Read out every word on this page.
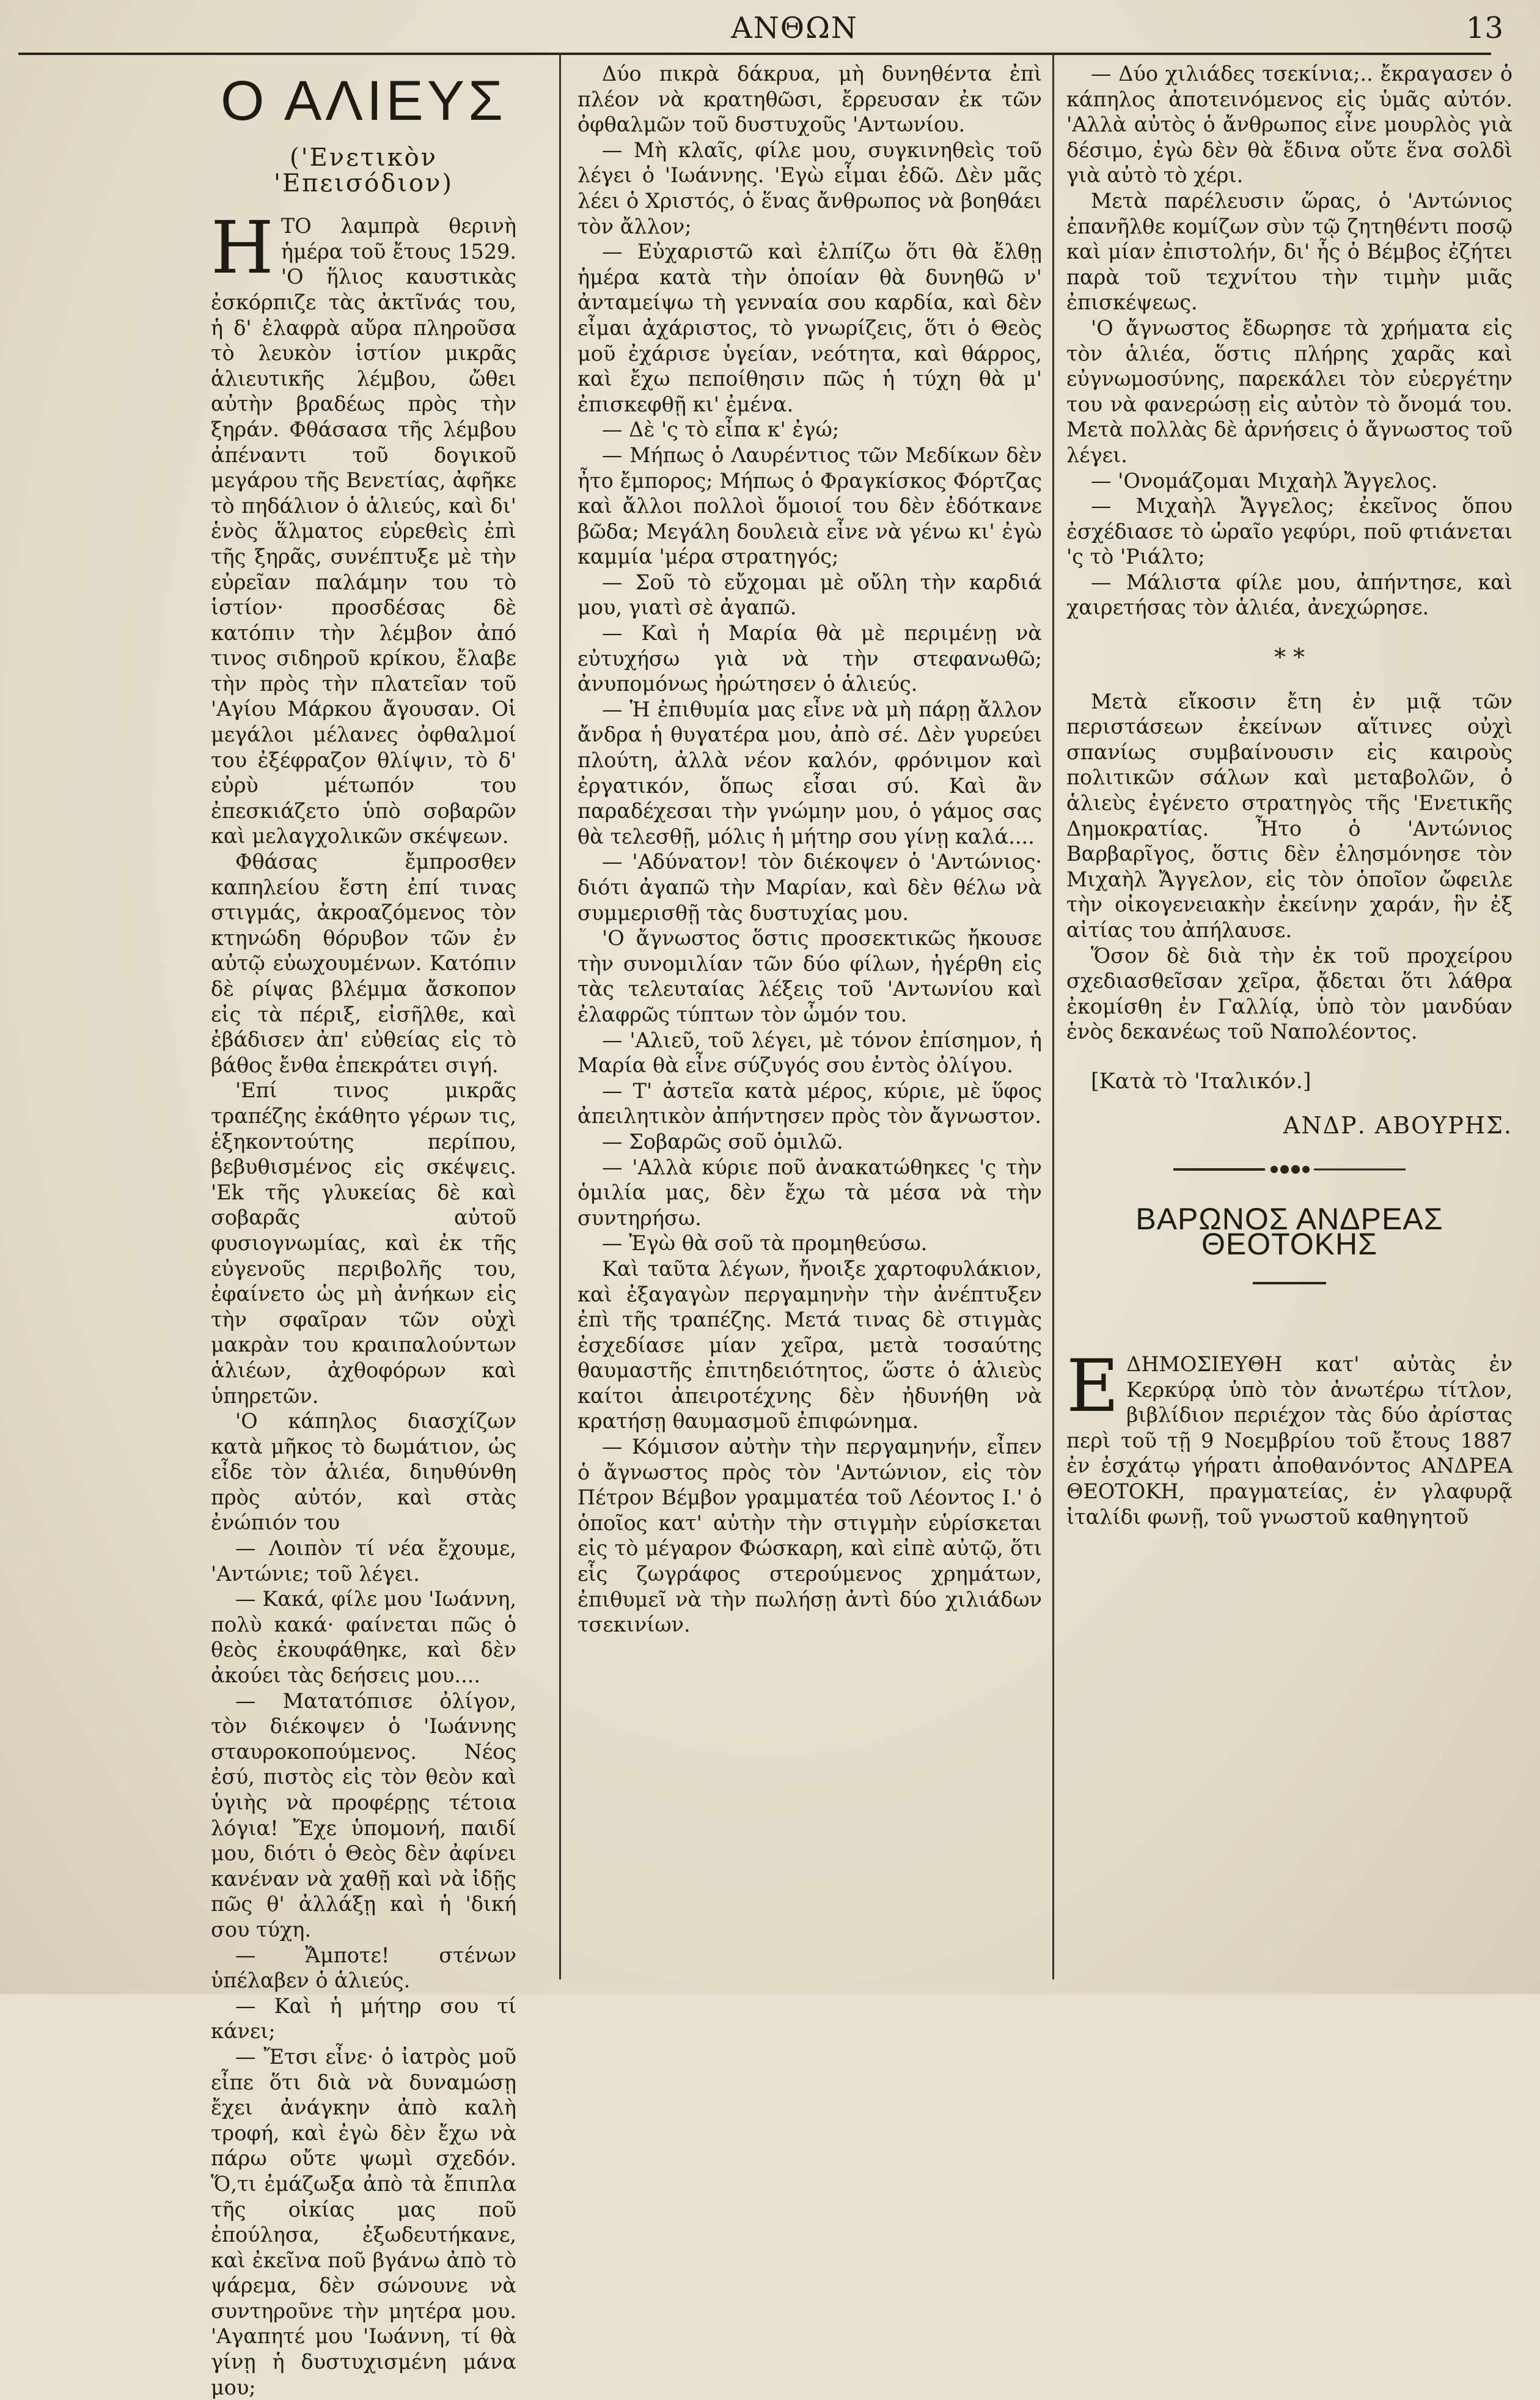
ΑΝΘΩΝ	13
Ο ΑΛΙΕΥΣ
('Ενετικὸν 'Επεισόδιον)

ΗΤΟ λαμπρὰ θερινὴ ἡμέρα τοῦ ἔτους 1529. 'Ο ἥλιος καυστικὰς ἐσκόρπιζε τὰς ἀκτῖνάς του, ἡ δ' ἐλαφρὰ αὔρα πληροῦσα τὸ λευκὸν ἱστίον μικρᾶς ἁλιευτικῆς λέμβου, ὤθει αὐτὴν βραδέως πρὸς τὴν ξηράν. Φθάσασα τῆς λέμβου ἀπέναντι τοῦ δογικοῦ μεγάρου τῆς Βενετίας, ἀφῆκε τὸ πηδάλιον ὁ ἁλιεύς, καὶ δι' ἑνὸς ἅλματος εὑρεθεὶς ἐπὶ τῆς ξηρᾶς, συνέπτυξε μὲ τὴν εὐρεῖαν παλάμην του τὸ ἱστίον· προσδέσας δὲ κατόπιν τὴν λέμβον ἀπό τινος σιδηροῦ κρίκου, ἔλαβε τὴν πρὸς τὴν πλατεῖαν τοῦ 'Αγίου Μάρκου ἄγουσαν. Οἱ μεγάλοι μέλανες ὀφθαλμοί του ἐξέφραζον θλίψιν, τὸ δ' εὐρὺ μέτωπόν του ἐπεσκιάζετο ὑπὸ σοβαρῶν καὶ μελαγχολικῶν σκέψεων.

Φθάσας ἔμπροσθεν καπηλείου ἔστη ἐπί τινας στιγμάς, ἀκροαζόμενος τὸν κτηνώδη θόρυβον τῶν ἐν αὐτῷ εὐωχουμένων. Κατόπιν δὲ ρίψας βλέμμα ἄσκοπον εἰς τὰ πέριξ, εἰσῆλθε, καὶ ἐβάδισεν ἀπ' εὐθείας εἰς τὸ βάθος ἔνθα ἐπεκράτει σιγή.

'Επί τινος μικρᾶς τραπέζης ἐκάθητο γέρων τις, ἑξηκοντούτης περίπου, βεβυθισμένος εἰς σκέψεις. 'Ek τῆς γλυκείας δὲ καὶ σοβαρᾶς αὐτοῦ φυσιογνωμίας, καὶ ἐκ τῆς εὐγενοῦς περιβολῆς του, ἐφαίνετο ὡς μὴ ἀνήκων εἰς τὴν σφαῖραν τῶν οὐχὶ μακρὰν του κραιπαλούντων ἁλιέων, ἀχθοφόρων καὶ ὑπηρετῶν.

'Ο κάπηλος διασχίζων κατὰ μῆκος τὸ δωμάτιον, ὡς εἶδε τὸν ἁλιέα, διηυθύνθη πρὸς αὐτόν, καὶ στὰς ἐνώπιόν του

— Λοιπὸν τί νέα ἔχουμε, 'Αντώνιε; τοῦ λέγει.

— Κακά, φίλε μου 'Ιωάννη, πολὺ κακά· φαίνεται πῶς ὁ θεὸς ἐκουφάθηκε, καὶ δὲν ἀκούει τὰς δεήσεις μου....

— Ματατόπισε ὀλίγον, τὸν διέκοψεν ὁ 'Ιωάννης σταυροκοπούμενος. Νέος ἐσύ, πιστὸς εἰς τὸν θεὸν καὶ ὑγιὴς νὰ προφέρῃς τέτοια λόγια! Ἔχε ὑπομονή, παιδί μου, διότι ὁ Θεὸς δὲν ἀφίνει κανέναν νὰ χαθῇ καὶ νὰ ἰδῇς πῶς θ' ἀλλάξῃ καὶ ἡ 'δική σου τύχη.

— Ἄμποτε! στένων ὑπέλαβεν ὁ ἁλιεύς.

— Καὶ ἡ μήτηρ σου τί κάνει;

— Ἔτσι εἶνε· ὁ ἰατρὸς μοῦ εἶπε ὅτι διὰ νὰ δυναμώσῃ ἔχει ἀνάγκην ἀπὸ καλὴ τροφή, καὶ ἐγὼ δὲν ἔχω νὰ πάρω οὔτε ψωμὶ σχεδόν. Ὅ,τι ἐμάζωξα ἀπὸ τὰ ἔπιπλα τῆς οἰκίας μας ποῦ ἐπούλησα, ἐξωδευτήκανε, καὶ ἐκεῖνα ποῦ βγάνω ἀπὸ τὸ ψάρεμα, δὲν σώνουνε νὰ συντηροῦνε τὴν μητέρα μου. 'Αγαπητέ μου 'Ιωάννη, τί θὰ γίνῃ ἡ δυστυχισμένη μάνα μου;

Δύο πικρὰ δάκρυα, μὴ δυνηθέντα ἐπὶ πλέον νὰ κρατηθῶσι, ἔρρευσαν ἐκ τῶν ὀφθαλμῶν τοῦ δυστυχοῦς 'Αντωνίου.

— Μὴ κλαῖς, φίλε μου, συγκινηθεὶς τοῦ λέγει ὁ 'Ιωάννης. 'Εγὼ εἶμαι ἐδῶ. Δὲν μᾶς λέει ὁ Χριστός, ὁ ἕνας ἄνθρωπος νὰ βοηθάει τὸν ἄλλον;

— Εὐχαριστῶ καὶ ἐλπίζω ὅτι θὰ ἔλθῃ ἡμέρα κατὰ τὴν ὁποίαν θὰ δυνηθῶ ν' ἀνταμείψω τὴ γενναία σου καρδία, καὶ δὲν εἶμαι ἀχάριστος, τὸ γνωρίζεις, ὅτι ὁ Θεὸς μοῦ ἐχάρισε ὑγείαν, νεότητα, καὶ θάρρος, καὶ ἔχω πεποίθησιν πῶς ἡ τύχη θὰ μ' ἐπισκεφθῇ κι' ἐμένα.

— Δὲ 'ς τὸ εἶπα κ' ἐγώ;

— Μήπως ὁ Λαυρέντιος τῶν Μεδίκων δὲν ἦτο ἔμπορος; Μήπως ὁ Φραγκίσκος Φόρτζας καὶ ἄλλοι πολλοὶ ὅμοιοί του δὲν ἐδότκανε βῶδα; Μεγάλη δουλειὰ εἶνε νὰ γένω κι' ἐγὼ καμμία 'μέρα στρατηγός;

— Σοῦ τὸ εὔχομαι μὲ οὔλη τὴν καρδιά μου, γιατὶ σὲ ἀγαπῶ.

— Καὶ ἡ Μαρία θὰ μὲ περιμένῃ νὰ εὐτυχήσω γιὰ νὰ τὴν στεφανωθῶ; ἀνυπομόνως ἠρώτησεν ὁ ἁλιεύς.

— Ἡ ἐπιθυμία μας εἶνε νὰ μὴ πάρῃ ἄλλον ἄνδρα ἡ θυγατέρα μου, ἀπὸ σέ. Δὲν γυρεύει πλούτη, ἀλλὰ νέον καλόν, φρόνιμον καὶ ἐργατικόν, ὅπως εἶσαι σύ. Καὶ ἂν παραδέχεσαι τὴν γνώμην μου, ὁ γάμος σας θὰ τελεσθῇ, μόλις ἡ μήτηρ σου γίνῃ καλά....

— 'Αδύνατον! τὸν διέκοψεν ὁ 'Αντώνιος· διότι ἀγαπῶ τὴν Μαρίαν, καὶ δὲν θέλω νὰ συμμερισθῇ τὰς δυστυχίας μου.

'Ο ἄγνωστος ὅστις προσεκτικῶς ἤκουσε τὴν συνομιλίαν τῶν δύο φίλων, ἠγέρθη εἰς τὰς τελευταίας λέξεις τοῦ 'Αντωνίου καὶ ἐλαφρῶς τύπτων τὸν ὦμόν του.

— 'Αλιεῦ, τοῦ λέγει, μὲ τόνον ἐπίσημον, ἡ Μαρία θὰ εἶνε σύζυγός σου ἐντὸς ὀλίγου.

— Τ' ἀστεῖα κατὰ μέρος, κύριε, μὲ ὕφος ἀπειλητικὸν ἀπήντησεν πρὸς τὸν ἄγνωστον.

— Σοβαρῶς σοῦ ὁμιλῶ.

— 'Αλλὰ κύριε ποῦ ἀνακατώθηκες 'ς τὴν ὁμιλία μας, δὲν ἔχω τὰ μέσα νὰ τὴν συντηρήσω.

— Ἐγὼ θὰ σοῦ τὰ προμηθεύσω.

Καὶ ταῦτα λέγων, ἤνοιξε χαρτοφυλάκιον, καὶ ἐξαγαγὼν περγαμηνὴν τὴν ἀνέπτυξεν ἐπὶ τῆς τραπέζης. Μετά τινας δὲ στιγμὰς ἐσχεδίασε μίαν χεῖρα, μετὰ τοσαύτης θαυμαστῆς ἐπιτηδειότητος, ὥστε ὁ ἁλιεὺς καίτοι ἀπειροτέχνης δὲν ἠδυνήθη νὰ κρατήσῃ θαυμασμοῦ ἐπιφώνημα.

— Κόμισον αὐτὴν τὴν περγαμηνήν, εἶπεν ὁ ἄγνωστος πρὸς τὸν 'Αντώνιον, εἰς τὸν Πέτρον Βέμβον γραμματέα τοῦ Λέοντος Ι.' ὁ ὁποῖος κατ' αὐτὴν τὴν στιγμὴν εὑρίσκεται εἰς τὸ μέγαρον Φώσκαρη, καὶ εἰπὲ αὐτῷ, ὅτι εἷς ζωγράφος στερούμενος χρημάτων, ἐπιθυμεῖ νὰ τὴν πωλήσῃ ἀντὶ δύο χιλιάδων τσεκινίων.

— Δύο χιλιάδες τσεκίνια;.. ἔκραγασεν ὁ κάπηλος ἀποτεινόμενος εἰς ὑμᾶς αὐτόν. 'Αλλὰ αὐτὸς ὁ ἄνθρωπος εἶνε μουρλὸς γιὰ δέσιμο, ἐγὼ δὲν θὰ ἔδινα οὔτε ἕνα σολδὶ γιὰ αὐτὸ τὸ χέρι.

Μετὰ παρέλευσιν ὥρας, ὁ 'Αντώνιος ἐπανῆλθε κομίζων σὺν τῷ ζητηθέντι ποσῷ καὶ μίαν ἐπιστολήν, δι' ἧς ὁ Βέμβος ἐζήτει παρὰ τοῦ τεχνίτου τὴν τιμὴν μιᾶς ἐπισκέψεως.

'Ο ἄγνωστος ἔδωρησε τὰ χρήματα εἰς τὸν ἁλιέα, ὅστις πλήρης χαρᾶς καὶ εὐγνωμοσύνης, παρεκάλει τὸν εὐεργέτην του νὰ φανερώσῃ εἰς αὐτὸν τὸ ὄνομά του. Μετὰ πολλὰς δὲ ἀρνήσεις ὁ ἄγνωστος τοῦ λέγει.

— 'Ονομάζομαι Μιχαὴλ Ἄγγελος.

— Μιχαὴλ Ἄγγελος; ἐκεῖνος ὅπου ἐσχέδιασε τὸ ὡραῖο γεφύρι, ποῦ φτιάνεται 'ς τὸ 'Ριάλτο;

— Μάλιστα φίλε μου, ἀπήντησε, καὶ χαιρετήσας τὸν ἁλιέα, ἀνεχώρησε.

* *

Μετὰ εἴκοσιν ἔτη ἐν μιᾷ τῶν περιστάσεων ἐκείνων αἵτινες οὐχὶ σπανίως συμβαίνουσιν εἰς καιροὺς πολιτικῶν σάλων καὶ μεταβολῶν, ὁ ἁλιεὺς ἐγένετο στρατηγὸς τῆς 'Ενετικῆς Δημοκρατίας. Ἦτο ὁ 'Αντώνιος Βαρβαρῖγος, ὅστις δὲν ἐλησμόνησε τὸν Μιχαὴλ Ἄγγελον, εἰς τὸν ὁποῖον ὤφειλε τὴν οἰκογενειακὴν ἐκείνην χαράν, ἣν ἐξ αἰτίας του ἀπήλαυσε.

Ὅσον δὲ διὰ τὴν ἐκ τοῦ προχείρου σχεδιασθεῖσαν χεῖρα, ᾄδεται ὅτι λάθρα ἐκομίσθη ἐν Γαλλίᾳ, ὑπὸ τὸν μανδύαν ἑνὸς δεκανέως τοῦ Ναπολέοντος.

[Κατὰ τὸ 'Ιταλικόν.]
ΑΝΔΡ. ΑΒΟΥΡΗΣ.
ΒΑΡΩΝΟΣ ΑΝΔΡΕΑΣ ΘΕΟΤΟΚΗΣ

ΕΔΗΜΟΣΙΕΥΘΗ κατ' αὐτὰς ἐν Κερκύρᾳ ὑπὸ τὸν ἀνωτέρω τίτλον, βιβλίδιον περιέχον τὰς δύο ἀρίστας περὶ τοῦ τῇ 9 Νοεμβρίου τοῦ ἔτους 1887 ἐν ἐσχάτῳ γήρατι ἀποθανόντος ΑΝΔΡΕΑ ΘΕΟΤΟΚΗ, πραγματείας, ἐν γλαφυρᾷ ἰταλίδι φωνῇ, τοῦ γνωστοῦ καθηγητοῦ
